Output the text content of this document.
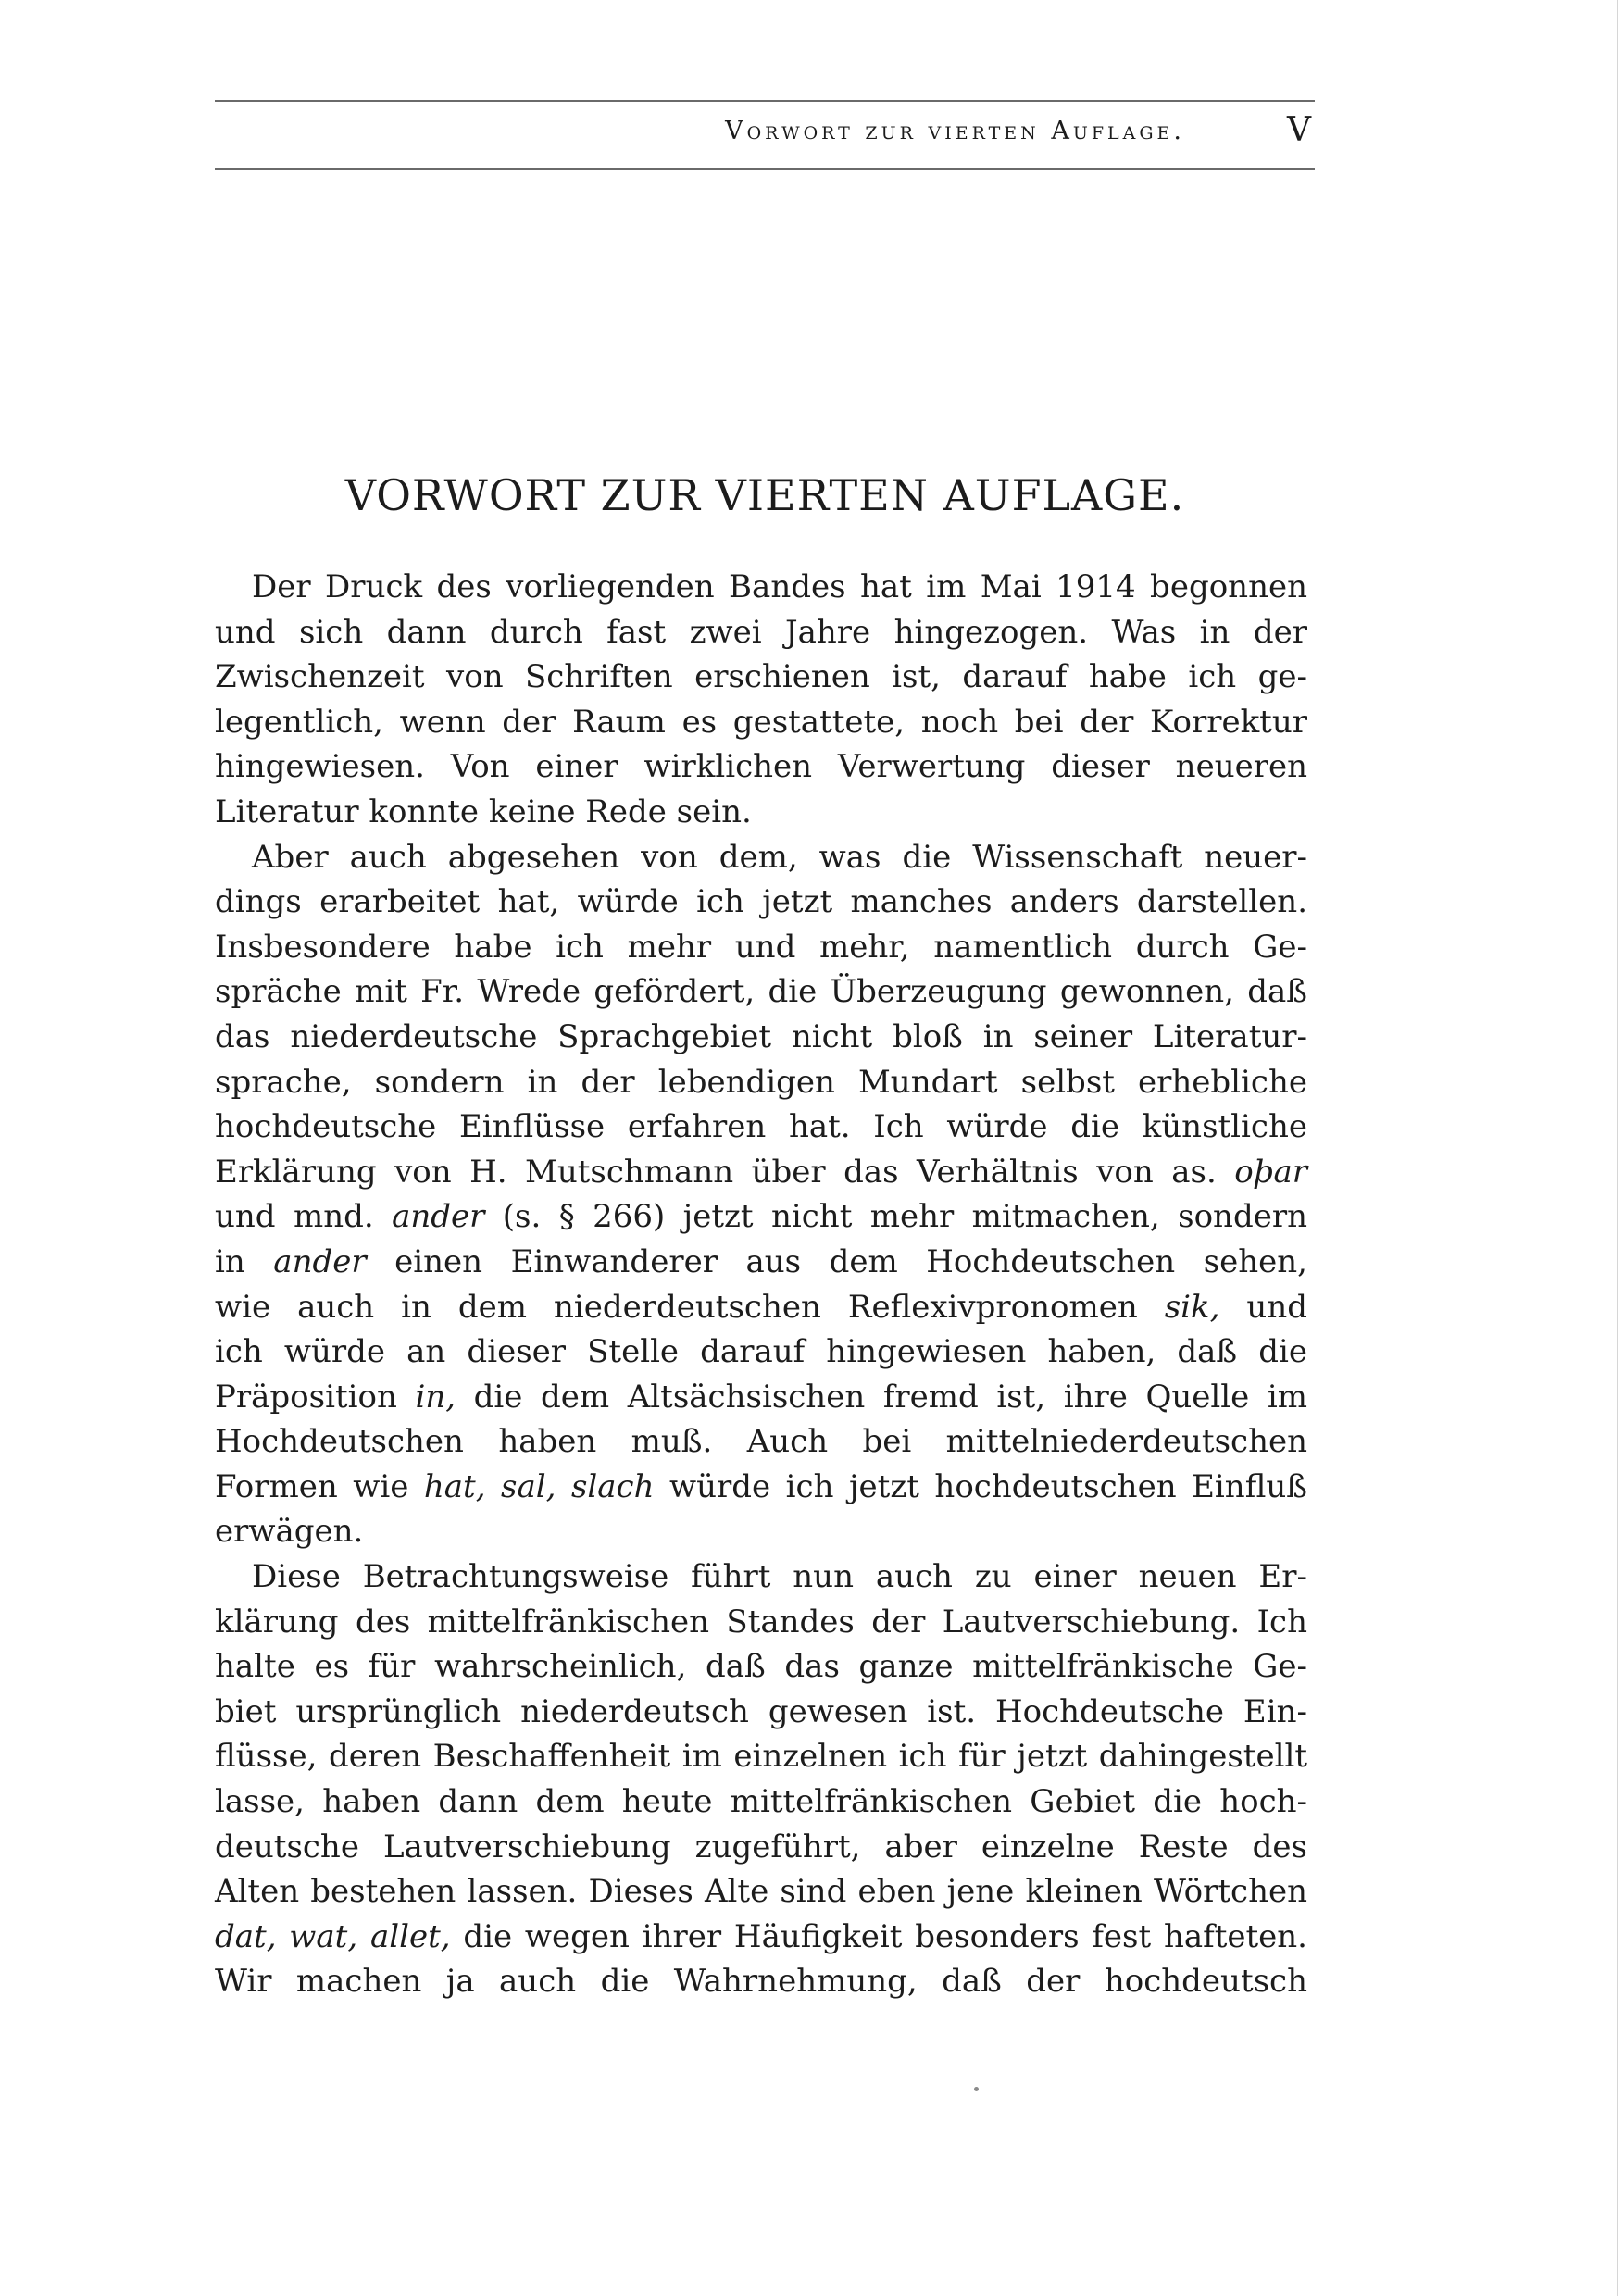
Vorwort zur vierten Auflage.	V
VORWORT ZUR VIERTEN AUFLAGE.
Der Druck des vorliegenden Bandes hat im Mai 1914 begonnen
und sich dann durch fast zwei Jahre hingezogen. Was in der
Zwischenzeit von Schriften erschienen ist, darauf habe ich ge-
legentlich, wenn der Raum es gestattete, noch bei der Korrektur
hingewiesen. Von einer wirklichen Verwertung dieser neueren
Literatur konnte keine Rede sein.
Aber auch abgesehen von dem, was die Wissenschaft neuer-
dings erarbeitet hat, würde ich jetzt manches anders darstellen.
Insbesondere habe ich mehr und mehr, namentlich durch Ge-
spräche mit Fr. Wrede gefördert, die Überzeugung gewonnen, daß
das niederdeutsche Sprachgebiet nicht bloß in seiner Literatur-
sprache, sondern in der lebendigen Mundart selbst erhebliche
hochdeutsche Einflüsse erfahren hat. Ich würde die künstliche
Erklärung von H. Mutschmann über das Verhältnis von as. oþar
und mnd. ander (s. § 266) jetzt nicht mehr mitmachen, sondern
in ander einen Einwanderer aus dem Hochdeutschen sehen,
wie auch in dem niederdeutschen Reflexivpronomen sik, und
ich würde an dieser Stelle darauf hingewiesen haben, daß die
Präposition in, die dem Altsächsischen fremd ist, ihre Quelle im
Hochdeutschen haben muß. Auch bei mittelniederdeutschen
Formen wie hat, sal, slach würde ich jetzt hochdeutschen Einfluß
erwägen.
Diese Betrachtungsweise führt nun auch zu einer neuen Er-
klärung des mittelfränkischen Standes der Lautverschiebung. Ich
halte es für wahrscheinlich, daß das ganze mittelfränkische Ge-
biet ursprünglich niederdeutsch gewesen ist. Hochdeutsche Ein-
flüsse, deren Beschaffenheit im einzelnen ich für jetzt dahingestellt
lasse, haben dann dem heute mittelfränkischen Gebiet die hoch-
deutsche Lautverschiebung zugeführt, aber einzelne Reste des
Alten bestehen lassen. Dieses Alte sind eben jene kleinen Wörtchen
dat, wat, allet, die wegen ihrer Häufigkeit besonders fest hafteten.
Wir machen ja auch die Wahrnehmung, daß der hochdeutsch
